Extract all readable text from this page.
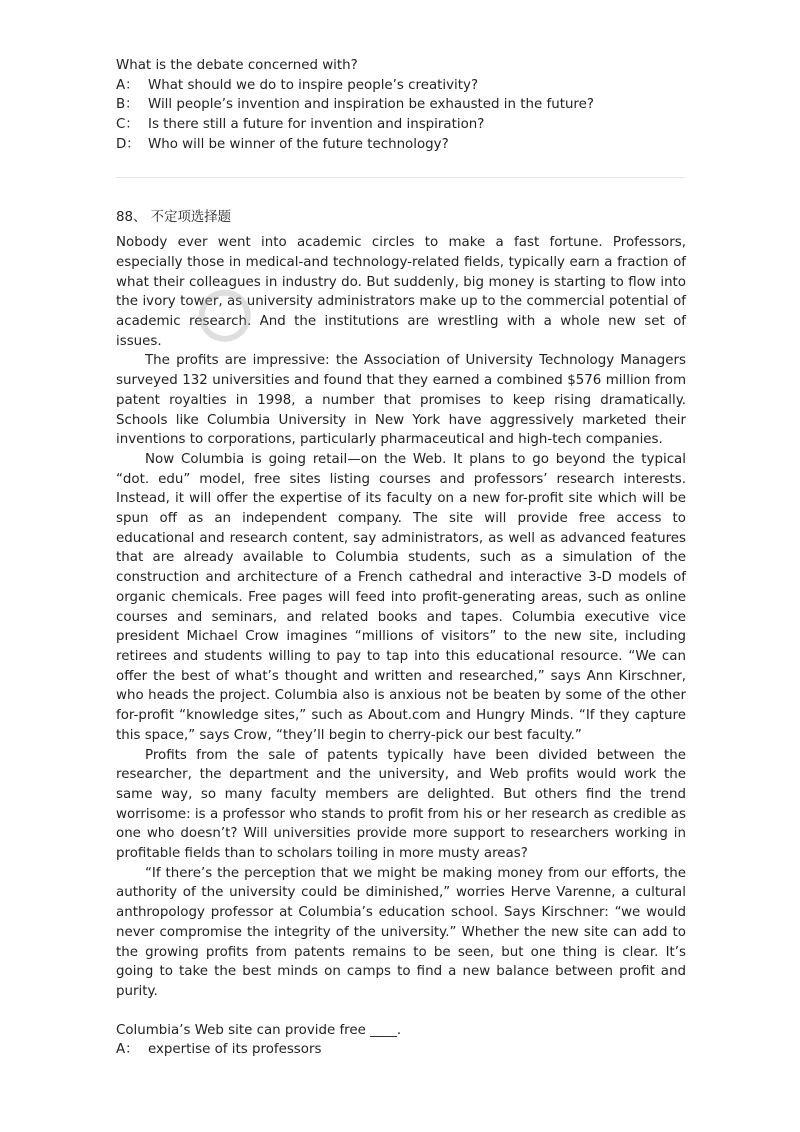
What is the debate concerned with?
A： What should we do to inspire people’s creativity?
B： Will people’s invention and inspiration be exhausted in the future?
C： Is there still a future for invention and inspiration?
D： Who will be winner of the future technology?
88、 不定项选择题

Nobody ever went into academic circles to make a fast fortune. Professors, especially those in medical-and technology-related fields, typically earn a fraction of what their colleagues in industry do. But suddenly, big money is starting to flow into the ivory tower, as university administrators make up to the commercial potential of academic research. And the institutions are wrestling with a whole new set of issues.

The profits are impressive: the Association of University Technology Managers surveyed 132 universities and found that they earned a combined $576 million from patent royalties in 1998, a number that promises to keep rising dramatically. Schools like Columbia University in New York have aggressively marketed their inventions to corporations, particularly pharmaceutical and high-tech companies.

Now Columbia is going retail—on the Web. It plans to go beyond the typical “dot. edu” model, free sites listing courses and professors’ research interests. Instead, it will offer the expertise of its faculty on a new for-profit site which will be spun off as an independent company. The site will provide free access to educational and research content, say administrators, as well as advanced features that are already available to Columbia students, such as a simulation of the construction and architecture of a French cathedral and interactive 3-D models of organic chemicals. Free pages will feed into profit-generating areas, such as online courses and seminars, and related books and tapes. Columbia executive vice president Michael Crow imagines “millions of visitors” to the new site, including retirees and students willing to pay to tap into this educational resource. “We can offer the best of what’s thought and written and researched,” says Ann Kirschner, who heads the project. Columbia also is anxious not be beaten by some of the other for-profit “knowledge sites,” such as About.com and Hungry Minds. “If they capture this space,” says Crow, “they’ll begin to cherry-pick our best faculty.”

Profits from the sale of patents typically have been divided between the researcher, the department and the university, and Web profits would work the same way, so many faculty members are delighted. But others find the trend worrisome: is a professor who stands to profit from his or her research as credible as one who doesn’t? Will universities provide more support to researchers working in profitable fields than to scholars toiling in more musty areas?

“If there’s the perception that we might be making money from our efforts, the authority of the university could be diminished,” worries Herve Varenne, a cultural anthropology professor at Columbia’s education school. Says Kirschner: “we would never compromise the integrity of the university.” Whether the new site can add to the growing profits from patents remains to be seen, but one thing is clear. It’s going to take the best minds on camps to find a new balance between profit and purity.

Columbia’s Web site can provide free ____.
A： expertise of its professors
